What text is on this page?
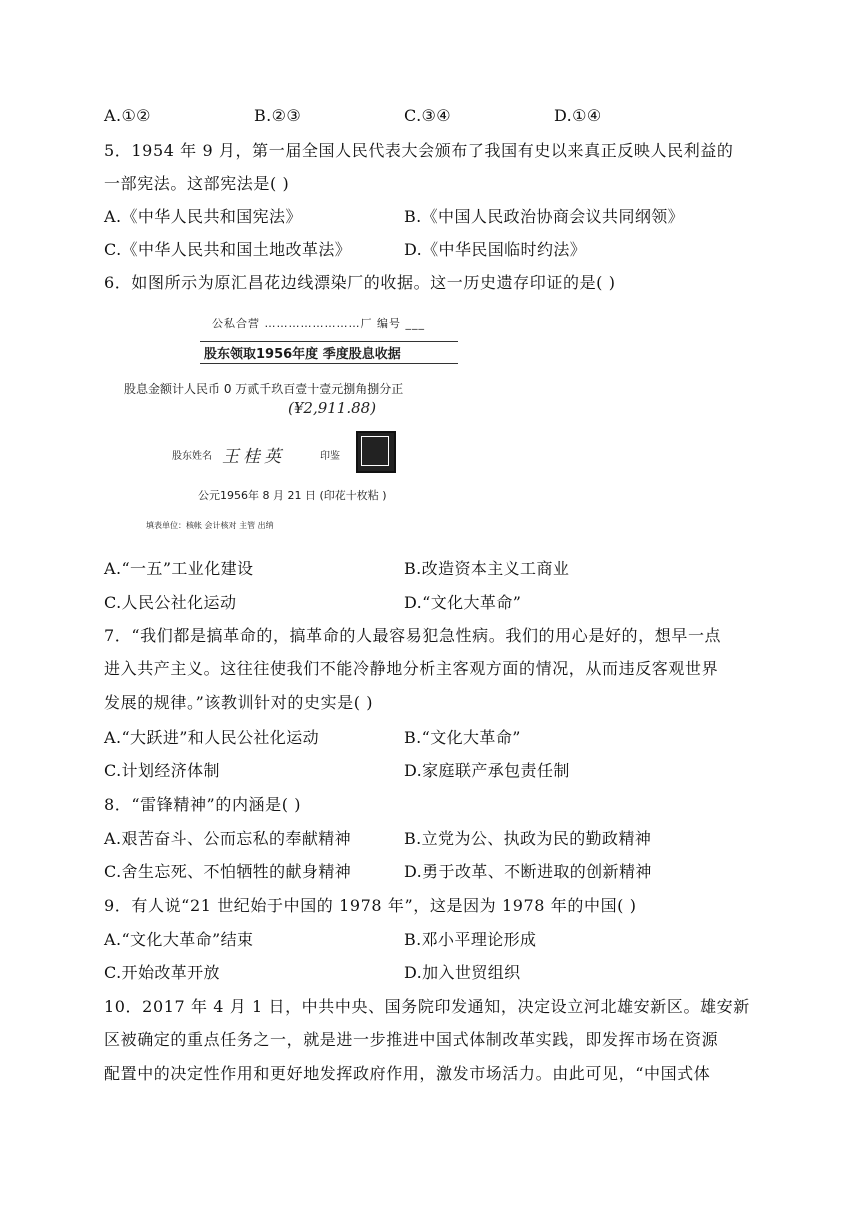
A.①②	B.②③	C.③④	D.①④
5．1954 年 9 月，第一届全国人民代表大会颁布了我国有史以来真正反映人民利益的
一部宪法。这部宪法是( )
A.《中华人民共和国宪法》	B.《中国人民政治协商会议共同纲领》
C.《中华人民共和国土地改革法》	D.《中华民国临时约法》
6．如图所示为原汇昌花边线漂染厂的收据。这一历史遗存印证的是( )
公私合营 ……………………厂 编号 ___
股东领取1956年度 季度股息收据
股息金额计人民币 0 万贰千玖百壹十壹元捌角捌分正
(¥2,911.88)
股东姓名 王桂英	印鉴
公元1956年 8 月 21 日 (印花十枚粘 )
填表单位：核帐 会计核对 主管 出纳
A.“一五”工业化建设	B.改造资本主义工商业
C.人民公社化运动	D.“文化大革命”
7．“我们都是搞革命的，搞革命的人最容易犯急性病。我们的用心是好的，想早一点
进入共产主义。这往往使我们不能冷静地分析主客观方面的情况，从而违反客观世界
发展的规律。”该教训针对的史实是( )
A.“大跃进”和人民公社化运动	B.“文化大革命”
C.计划经济体制	D.家庭联产承包责任制
8．“雷锋精神”的内涵是( )
A.艰苦奋斗、公而忘私的奉献精神	B.立党为公、执政为民的勤政精神
C.舍生忘死、不怕牺牲的献身精神	D.勇于改革、不断进取的创新精神
9．有人说“21 世纪始于中国的 1978 年”，这是因为 1978 年的中国( )
A.“文化大革命”结束	B.邓小平理论形成
C.开始改革开放	D.加入世贸组织
10．2017 年 4 月 1 日，中共中央、国务院印发通知，决定设立河北雄安新区。雄安新
区被确定的重点任务之一，就是进一步推进中国式体制改革实践，即发挥市场在资源
配置中的决定性作用和更好地发挥政府作用，激发市场活力。由此可见，“中国式体
